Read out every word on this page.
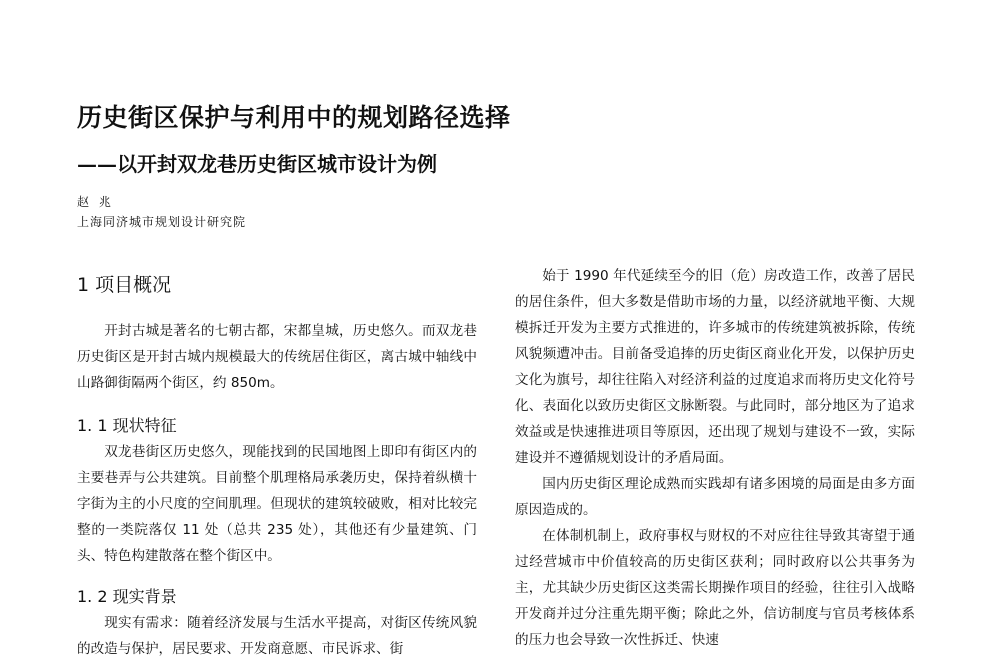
历史街区保护与利用中的规划路径选择
——以开封双龙巷历史街区城市设计为例

赵 兆

上海同济城市规划设计研究院

1 项目概况

开封古城是著名的七朝古都，宋都皇城，历史悠久。而双龙巷历史街区是开封古城内规模最大的传统居住街区，离古城中轴线中山路御街隔两个街区，约 850m。

1. 1 现状特征

双龙巷街区历史悠久，现能找到的民国地图上即印有街区内的主要巷弄与公共建筑。目前整个肌理格局承袭历史，保持着纵横十字街为主的小尺度的空间肌理。但现状的建筑较破败，相对比较完整的一类院落仅 11 处（总共 235 处），其他还有少量建筑、门头、特色构建散落在整个街区中。

1. 2 现实背景

现实有需求：随着经济发展与生活水平提高，对街区传统风貌的改造与保护，居民要求、开发商意愿、市民诉求、街

始于 1990 年代延续至今的旧（危）房改造工作，改善了居民的居住条件，但大多数是借助市场的力量，以经济就地平衡、大规模拆迁开发为主要方式推进的，许多城市的传统建筑被拆除，传统风貌频遭冲击。目前备受追捧的历史街区商业化开发，以保护历史文化为旗号，却往往陷入对经济利益的过度追求而将历史文化符号化、表面化以致历史街区文脉断裂。与此同时，部分地区为了追求效益或是快速推进项目等原因，还出现了规划与建设不一致，实际建设并不遵循规划设计的矛盾局面。

国内历史街区理论成熟而实践却有诸多困境的局面是由多方面原因造成的。

在体制机制上，政府事权与财权的不对应往往导致其寄望于通过经营城市中价值较高的历史街区获利；同时政府以公共事务为主，尤其缺少历史街区这类需长期操作项目的经验，往往引入战略开发商并过分注重先期平衡；除此之外，信访制度与官员考核体系的压力也会导致一次性拆迁、快速
